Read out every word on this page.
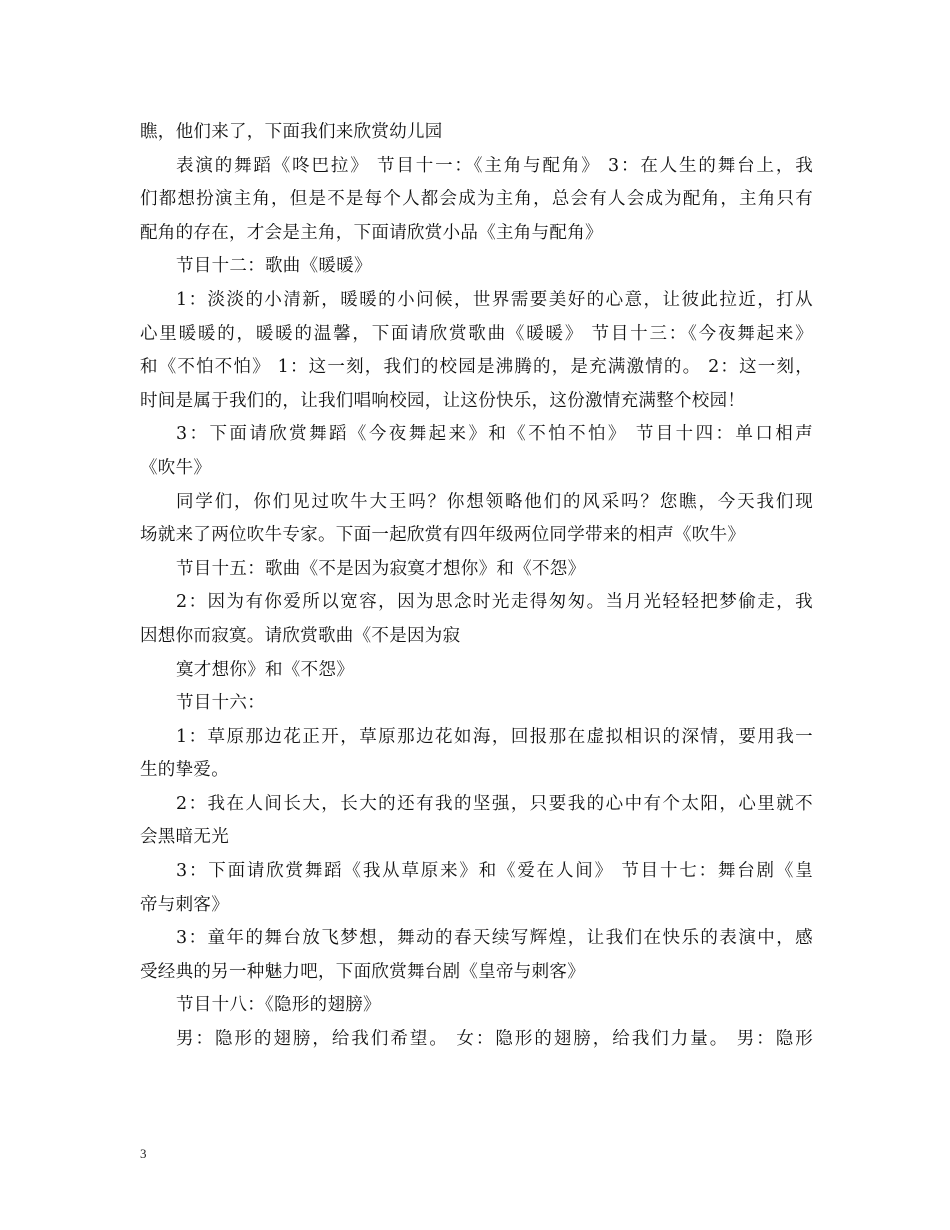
瞧，他们来了，下面我们来欣赏幼儿园
表演的舞蹈《咚巴拉》 节目十一：《主角与配角》 3：在人生的舞台上，我
们都想扮演主角，但是不是每个人都会成为主角，总会有人会成为配角，主角只有
配角的存在，才会是主角，下面请欣赏小品《主角与配角》
节目十二：歌曲《暖暖》
1：淡淡的小清新，暖暖的小问候，世界需要美好的心意，让彼此拉近，打从
心里暖暖的，暖暖的温馨，下面请欣赏歌曲《暖暖》 节目十三：《今夜舞起来》
和《不怕不怕》 1：这一刻，我们的校园是沸腾的，是充满激情的。 2：这一刻，
时间是属于我们的，让我们唱响校园，让这份快乐，这份激情充满整个校园！
3：下面请欣赏舞蹈《今夜舞起来》和《不怕不怕》 节目十四：单口相声
《吹牛》
同学们，你们见过吹牛大王吗？你想领略他们的风采吗？您瞧，今天我们现
场就来了两位吹牛专家。下面一起欣赏有四年级两位同学带来的相声《吹牛》
节目十五：歌曲《不是因为寂寞才想你》和《不怨》
2：因为有你爱所以宽容，因为思念时光走得匆匆。当月光轻轻把梦偷走，我
因想你而寂寞。请欣赏歌曲《不是因为寂
寞才想你》和《不怨》
节目十六：
1：草原那边花正开，草原那边花如海，回报那在虚拟相识的深情，要用我一
生的挚爱。
2：我在人间长大，长大的还有我的坚强，只要我的心中有个太阳，心里就不
会黑暗无光
3：下面请欣赏舞蹈《我从草原来》和《爱在人间》 节目十七：舞台剧《皇
帝与刺客》
3：童年的舞台放飞梦想，舞动的春天续写辉煌，让我们在快乐的表演中，感
受经典的另一种魅力吧，下面欣赏舞台剧《皇帝与刺客》
节目十八：《隐形的翅膀》
男：隐形的翅膀，给我们希望。 女：隐形的翅膀，给我们力量。 男：隐形
3
